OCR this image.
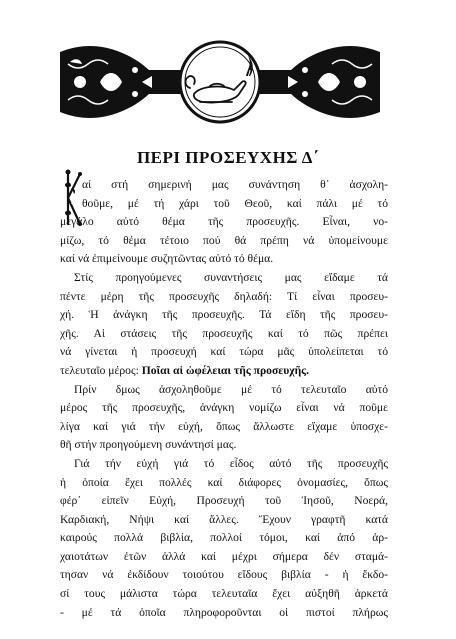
ΠΕΡΙ ΠΡΟΣΕΥΧΗΣ Δ΄
Κ
αί στή σημερινή μας συνάντηση θ᾽ ἀσχολη-
θοῦμε, μέ τή χάρι τοῦ Θεοῦ, καί πάλι μέ τό
μεγάλο αὐτό θέμα τῆς προσευχῆς. Εἶναι, νο-
μίζω, τό θέμα τέτοιο πού θά πρέπη νά ὑπομείνουμε
καί νά ἐπιμείνουμε συζητῶντας αὐτό τό θέμα.
Στίς προηγούμενες συναντήσεις μας εἴδαμε τά
πέντε μέρη τῆς προσευχῆς δηλαδή: Τί εἶναι προσευ-
χή. Ἡ ἀνάγκη τῆς προσευχῆς. Τά εἴδη τῆς προσευ-
χῆς. Αἱ στάσεις τῆς προσευχῆς καί τό πῶς πρέπει
νά γίνεται ἡ προσευχή καί τώρα μᾶς ὑπολείπεται τό
τελευταῖο μέρος: Ποῖαι αἱ ὠφέλειαι τῆς προσευχῆς.
Πρίν δμως ἀσχοληθοῦμε μέ τό τελευταῖο αὐτό
μέρος τῆς προσευχῆς, ἀνάγκη νομίζω εἶναι νά ποῦμε
λίγα καί γιά τήν εὐχή, ὅπως ἄλλωστε εἴχαμε ὑποσχε-
θῆ στήν προηγούμενη συνάντησί μας.
Γιά τήν εὐχή γιά τό εἶδος αὐτό τῆς προσευχῆς
ἡ ὁποία ἔχει πολλές καί διάφορες ὀνομασίες, ὅπως
φέρ᾽ εἰπεῖν Εὐχή, Προσευχή τοῦ Ἰησοῦ, Νοερά,
Καρδιακή, Νήψι καί ἄλλες. Ἔχουν γραφτῆ κατά
καιρούς πολλά βιβλία, πολλοί τόμοι, καί ἀπό ἀρ-
χαιοτάτων ἐτῶν ἀλλά καί μέχρι σήμερα δέν σταμά-
τησαν νά ἐκδίδουν τοιούτου εἴδους βιβλία - ἡ ἔκδο-
σί τους μάλιστα τώρα τελευταῖα ἔχει αὐξηθῆ ἀρκετά
- μέ τά ὁποῖα πληροφοροῦνται οἱ πιστοί πλήρως
